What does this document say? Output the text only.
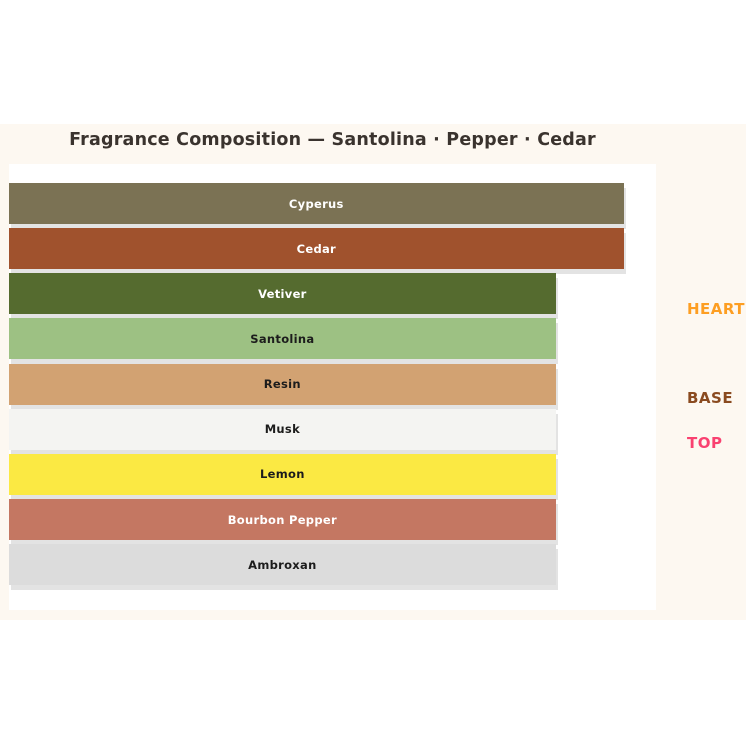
Fragrance Composition — Santolina · Pepper · Cedar
Cyperus
Cedar
Vetiver
Santolina
Resin
Musk
Lemon
Bourbon Pepper
Ambroxan

HEART

BASE

TOP
